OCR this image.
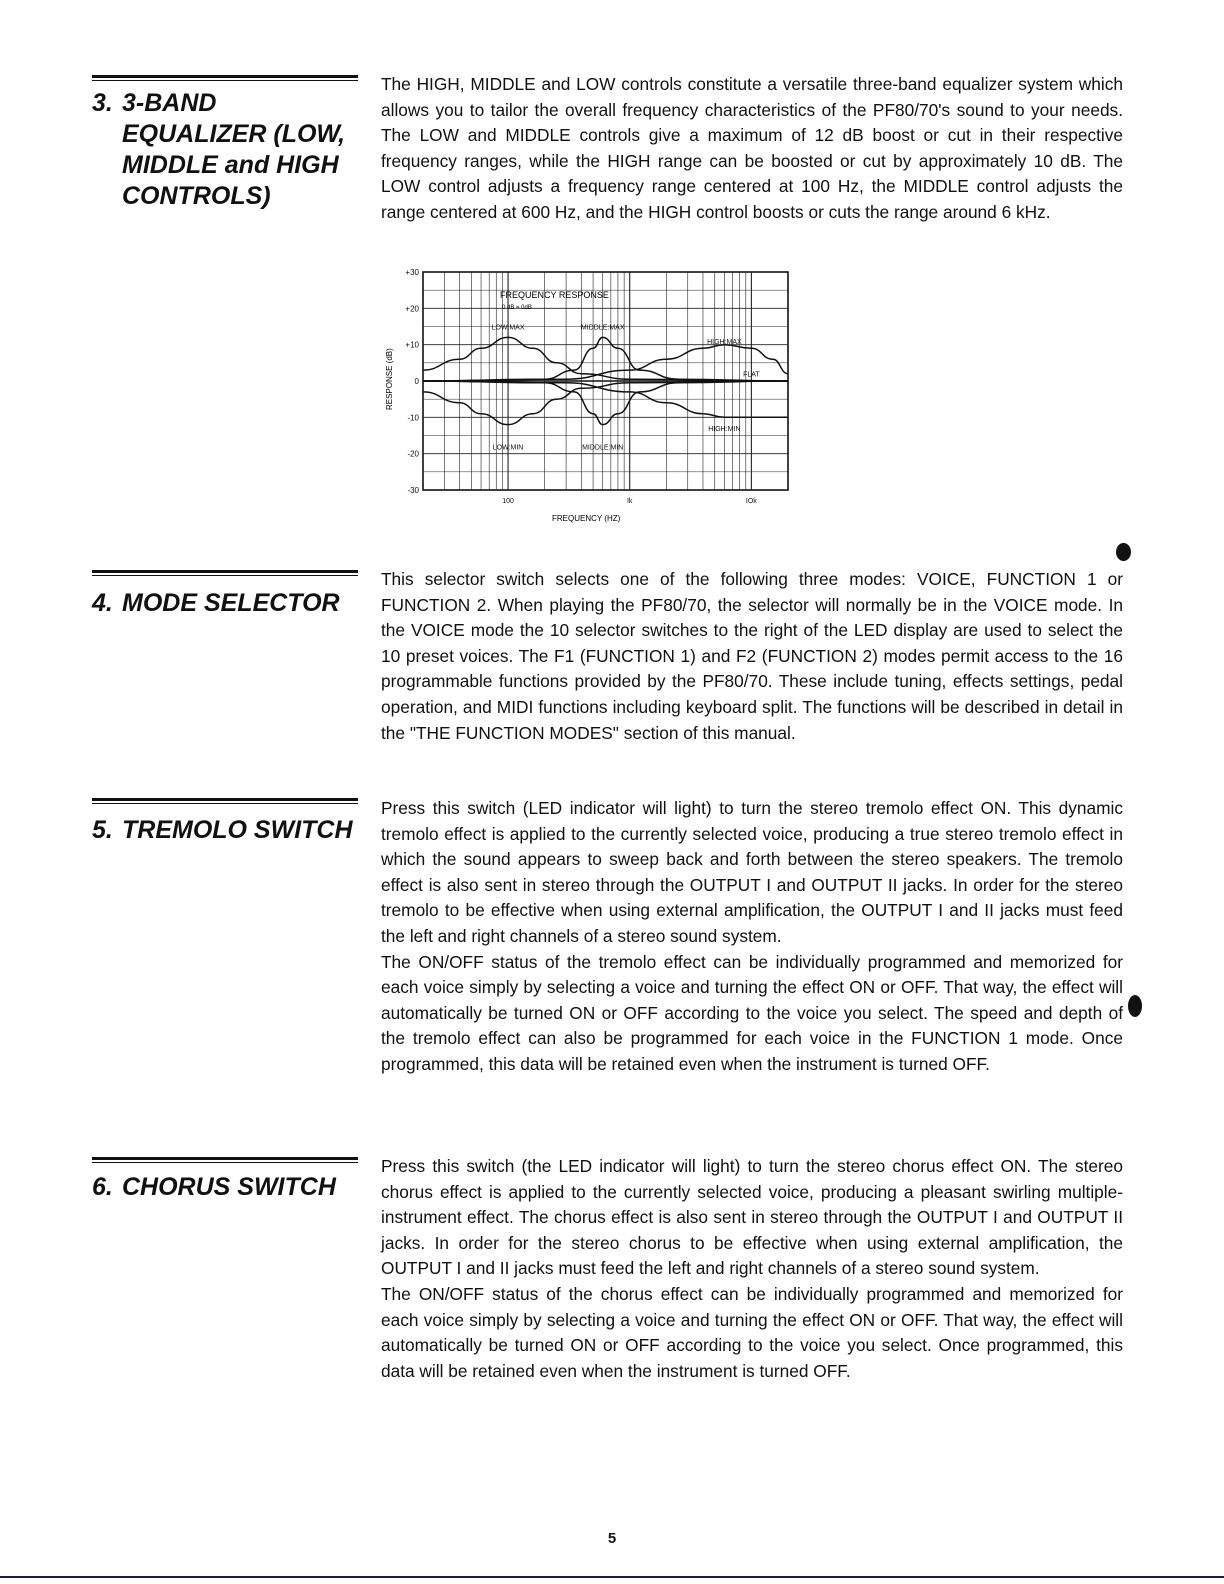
3. 3-BAND
EQUALIZER (LOW,
MIDDLE and HIGH
CONTROLS)

The HIGH, MIDDLE and LOW controls constitute a versatile three-band equalizer system which allows you to tailor the overall frequency characteristics of the PF80/70's sound to your needs. The LOW and MIDDLE controls give a maximum of 12 dB boost or cut in their respective frequency ranges, while the HIGH range can be boosted or cut by approximately 10 dB. The LOW control adjusts a frequency range centered at 100 Hz, the MIDDLE control adjusts the range centered at 600 Hz, and the HIGH control boosts or cuts the range around 6 kHz.

+30
+20
+10
0
-10
-20
-30
100	Ik	IOk
LOW:MAX	MIDDLE:MAX
HIGH:MAX
FLAT
HIGH:MIN
LOW:MIN	MIDDLE:MIN
FREQUENCY RESPONSE
0 dB = 0dB
FREQUENCY (HZ)
RESPONSE (dB)
4. MODE SELECTOR

This selector switch selects one of the following three modes: VOICE, FUNCTION 1 or FUNCTION 2. When playing the PF80/70, the selector will normally be in the VOICE mode. In the VOICE mode the 10 selector switches to the right of the LED display are used to select the 10 preset voices. The F1 (FUNCTION 1) and F2 (FUNCTION 2) modes permit access to the 16 programmable functions provided by the PF80/70. These include tuning, effects settings, pedal operation, and MIDI functions including keyboard split. The functions will be described in detail in the "THE FUNCTION MODES" section of this manual.

5. TREMOLO SWITCH

Press this switch (LED indicator will light) to turn the stereo tremolo effect ON. This dynamic tremolo effect is applied to the currently selected voice, producing a true stereo tremolo effect in which the sound appears to sweep back and forth between the stereo speakers. The tremolo effect is also sent in stereo through the OUTPUT I and OUTPUT II jacks. In order for the stereo tremolo to be effective when using external amplification, the OUTPUT I and II jacks must feed the left and right channels of a stereo sound system.

The ON/OFF status of the tremolo effect can be individually programmed and memorized for each voice simply by selecting a voice and turning the effect ON or OFF. That way, the effect will automatically be turned ON or OFF according to the voice you select. The speed and depth of the tremolo effect can also be programmed for each voice in the FUNCTION 1 mode. Once programmed, this data will be retained even when the instrument is turned OFF.

6. CHORUS SWITCH

Press this switch (the LED indicator will light) to turn the stereo chorus effect ON. The stereo chorus effect is applied to the currently selected voice, producing a pleasant swirling multiple-instrument effect. The chorus effect is also sent in stereo through the OUTPUT I and OUTPUT II jacks. In order for the stereo chorus to be effective when using external amplification, the OUTPUT I and II jacks must feed the left and right channels of a stereo sound system.

The ON/OFF status of the chorus effect can be individually programmed and memorized for each voice simply by selecting a voice and turning the effect ON or OFF. That way, the effect will automatically be turned ON or OFF according to the voice you select. Once programmed, this data will be retained even when the instrument is turned OFF.

5
